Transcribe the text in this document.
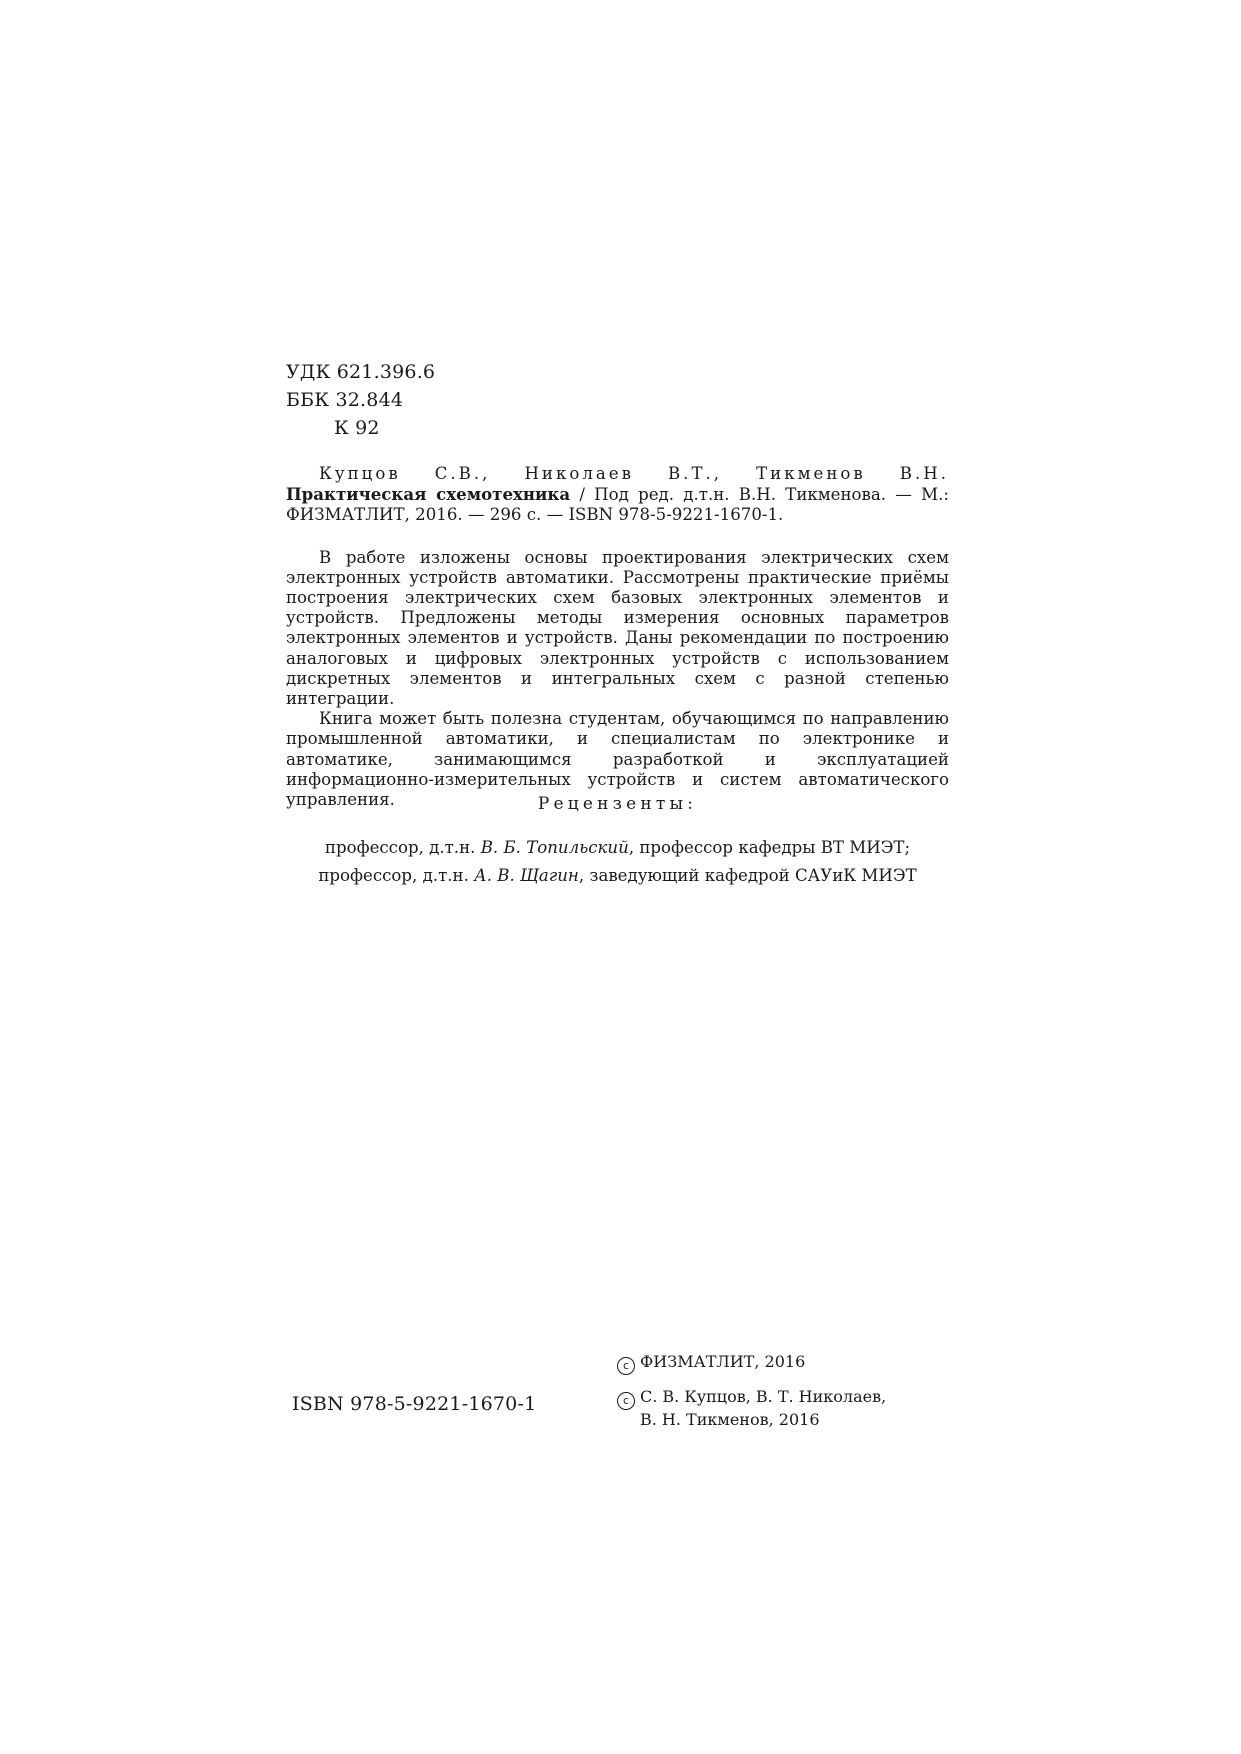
УДК 621.396.6
ББК 32.844
К 92

Купцов С.В., Николаев В.Т., Тикменов В.Н. Практическая схемотехника / Под ред. д.т.н. В.Н. Тикменова. — М.: ФИЗМАТЛИТ, 2016. — 296 с. — ISBN 978-5-9221-1670-1.

В работе изложены основы проектирования электрических схем электронных устройств автоматики. Рассмотрены практические приёмы построения электрических схем базовых электронных элементов и устройств. Предложены методы измерения основных параметров электронных элементов и устройств. Даны рекомендации по построению аналоговых и цифровых электронных устройств с использованием дискретных элементов и интегральных схем с разной степенью интеграции.

Книга может быть полезна студентам, обучающимся по направлению промышленной автоматики, и специалистам по электронике и автоматике, занимающимся разработкой и эксплуатацией информационно-измерительных устройств и систем автоматического управления.	Рецензенты:
профессор, д.т.н. В. Б. Топильский, профессор кафедры ВТ МИЭТ;
профессор, д.т.н. А. В. Щагин, заведующий кафедрой САУиК МИЭТ
ISBN 978-5-9221-1670-1
c ФИЗМАТЛИТ, 2016
c С. В. Купцов, В. Т. Николаев,
В. Н. Тикменов, 2016
